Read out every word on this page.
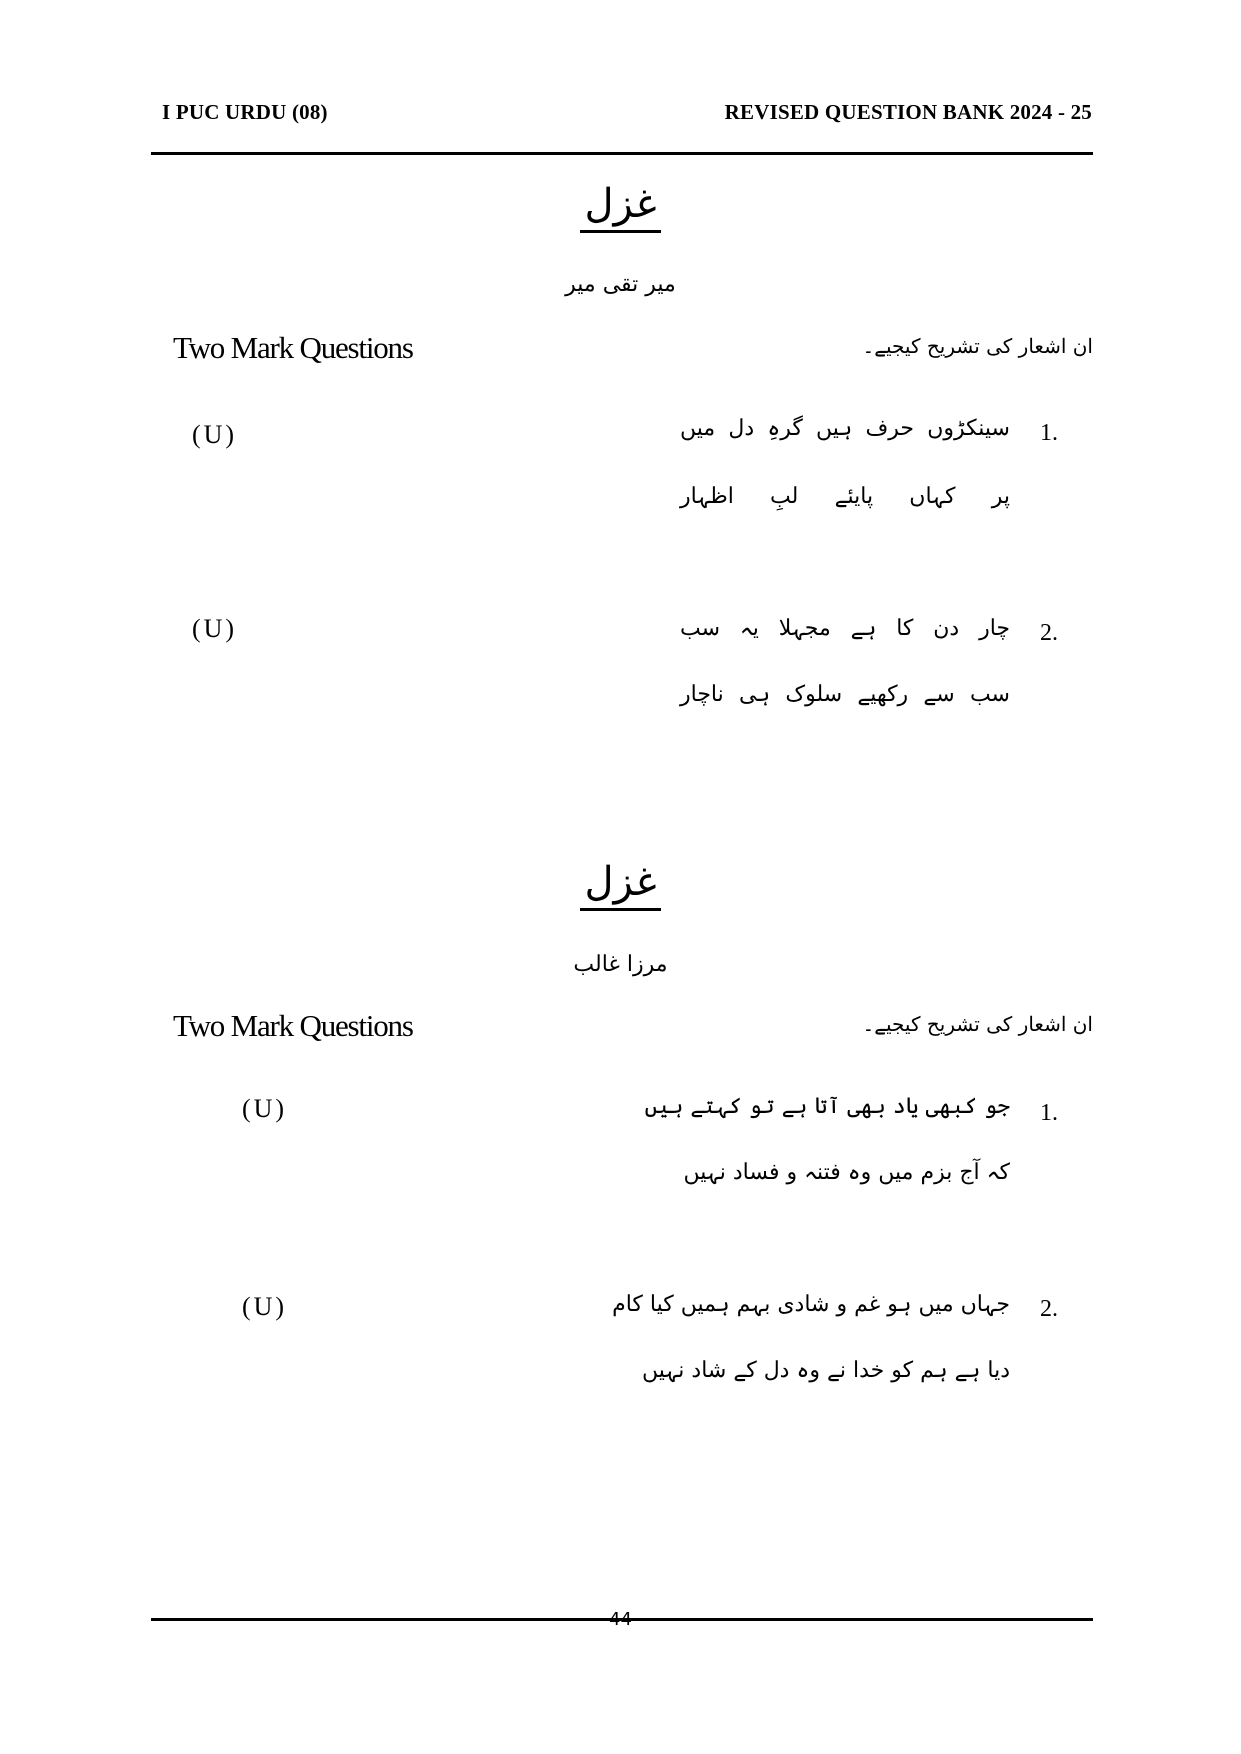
I PUC URDU (08)	REVISED QUESTION BANK 2024 - 25
غزل
میر تقی میر
Two Mark Questions	ان اشعار کی تشریح کیجیے۔
1.
سینکڑوں حرف ہیں گرہِ دل میں
پر کہاں پایئے لبِ اظہار
(U)
2.
چار دن کا ہے مجہلا یہ سب
سب سے رکھیے سلوک ہی ناچار
(U)
غزل
مرزا غالب
Two Mark Questions	ان اشعار کی تشریح کیجیے۔
1.
جو کبھی یاد بھی آتا ہے تو کہتے ہیں
کہ آج بزم میں وہ فتنہ و فساد نہیں
(U)
2.
جہاں میں ہو غم و شادی بہم ہمیں کیا کام
دیا ہے ہم کو خدا نے وہ دل کے شاد نہیں
(U)
44
